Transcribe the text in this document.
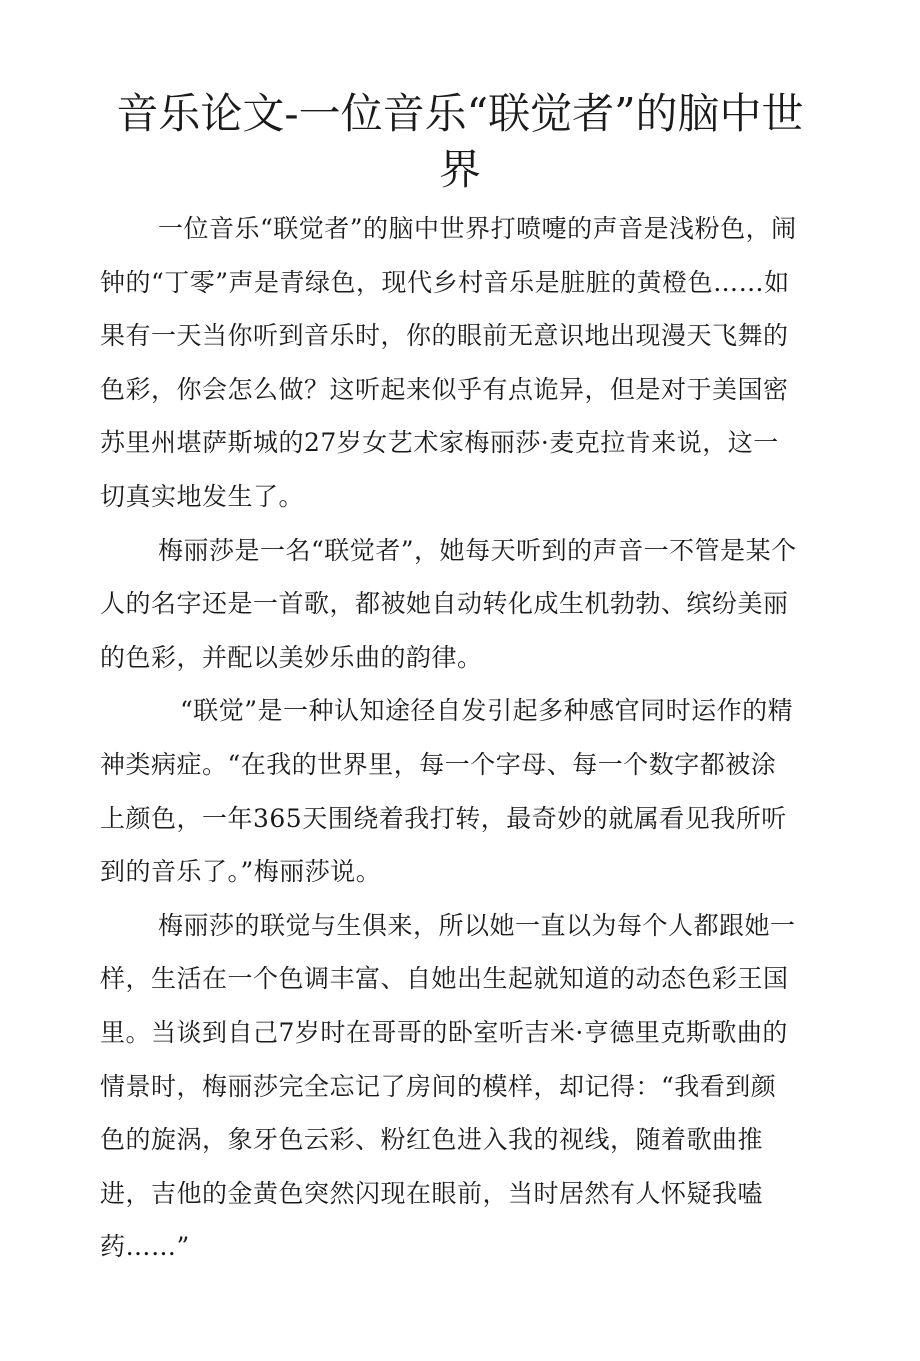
音乐论文-一位音乐“联觉者”的脑中世界

一位音乐“联觉者”的脑中世界打喷嚏的声音是浅粉色，闹钟的“丁零”声是青绿色，现代乡村音乐是脏脏的黄橙色……如果有一天当你听到音乐时，你的眼前无意识地出现漫天飞舞的色彩，你会怎么做？这听起来似乎有点诡异，但是对于美国密苏里州堪萨斯城的27岁女艺术家梅丽莎·麦克拉肯来说，这一切真实地发生了。

梅丽莎是一名“联觉者”，她每天听到的声音一不管是某个人的名字还是一首歌，都被她自动转化成生机勃勃、缤纷美丽的色彩，并配以美妙乐曲的韵律。

“联觉”是一种认知途径自发引起多种感官同时运作的精神类病症。“在我的世界里，每一个字母、每一个数字都被涂上颜色，一年365天围绕着我打转，最奇妙的就属看见我所听到的音乐了。”梅丽莎说。

梅丽莎的联觉与生俱来，所以她一直以为每个人都跟她一样，生活在一个色调丰富、自她出生起就知道的动态色彩王国里。当谈到自己7岁时在哥哥的卧室听吉米·亨德里克斯歌曲的情景时，梅丽莎完全忘记了房间的模样，却记得：“我看到颜色的旋涡，象牙色云彩、粉红色进入我的视线，随着歌曲推进，吉他的金黄色突然闪现在眼前，当时居然有人怀疑我嗑药……”
